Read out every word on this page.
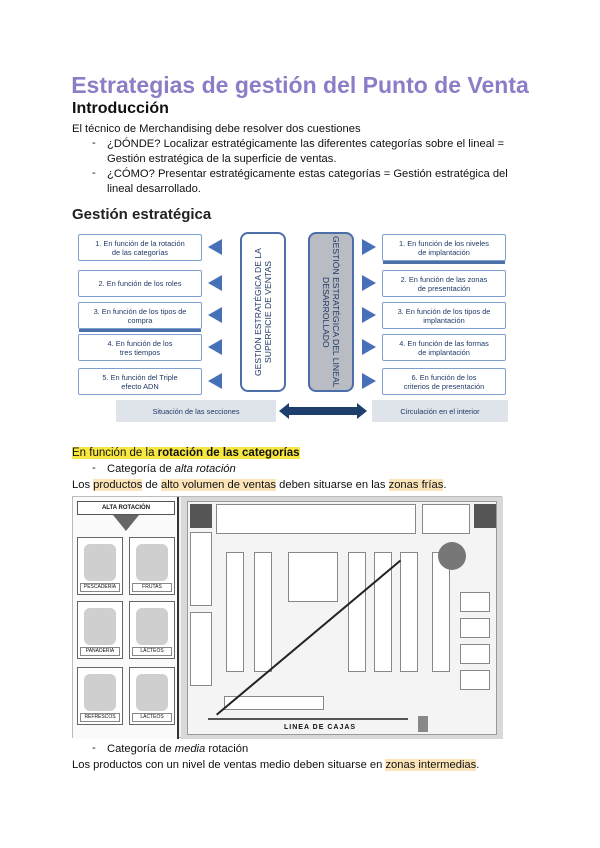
Estrategias de gestión del Punto de Venta
Introducción
El técnico de Merchandising debe resolver dos cuestiones
- ¿DÓNDE? Localizar estratégicamente las diferentes categorías sobre el lineal =
Gestión estratégica de la superficie de ventas.
- ¿CÓMO? Presentar estratégicamente estas categorías = Gestión estratégica del
lineal desarrollado.
Gestión estratégica
1. En función de la rotación
de las categorías
2. En función de los roles
3. En función de los tipos de
compra
4. En función de los
tres tiempos
5. En función del Triple
efecto ADN
GESTIÓN ESTRATÉGICA DE LA SUPERFICIE DE VENTAS	GESTIÓN ESTRATÉGICA DEL LINEAL DESARROLLADO
1. En función de los niveles
de implantación
2. En función de las zonas
de presentación
3. En función de los tipos de
implantación
4. En función de las formas
de implantación
6. En función de los
criterios de presentación
Situación de las secciones	Circulación en el interior
En función de la rotación de las categorías
- Categoría de alta rotación
Los productos de alto volumen de ventas deben situarse en las zonas frías.
ALTA ROTACIÓN
PESCADERÍA	FRUTAS
PANADERÍA	LÁCTEOS
REFRESCOS	LÁCTEOS
LINEA DE CAJAS
- Categoría de media rotación
Los productos con un nivel de ventas medio deben situarse en zonas intermedias.
